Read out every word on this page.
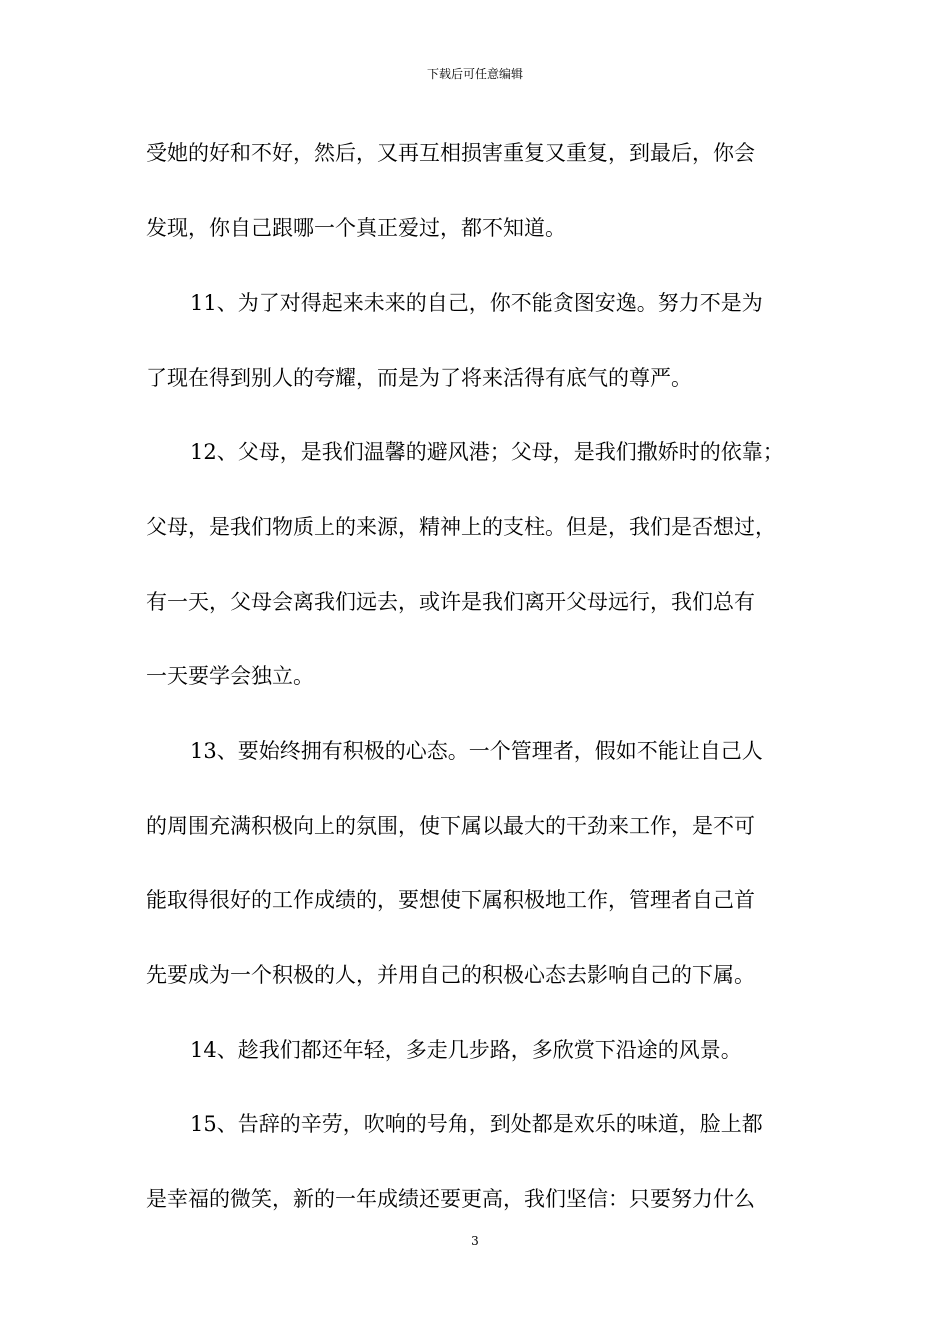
下载后可任意编辑
受她的好和不好，然后，又再互相损害重复又重复，到最后，你会
发现，你自己跟哪一个真正爱过，都不知道。
11、为了对得起来未来的自己，你不能贪图安逸。努力不是为
了现在得到别人的夸耀，而是为了将来活得有底气的尊严。
12、父母，是我们温馨的避风港；父母，是我们撒娇时的依靠；
父母，是我们物质上的来源，精神上的支柱。但是，我们是否想过，
有一天，父母会离我们远去，或许是我们离开父母远行，我们总有
一天要学会独立。
13、要始终拥有积极的心态。一个管理者，假如不能让自己人
的周围充满积极向上的氛围，使下属以最大的干劲来工作，是不可
能取得很好的工作成绩的，要想使下属积极地工作，管理者自己首
先要成为一个积极的人，并用自己的积极心态去影响自己的下属。
14、趁我们都还年轻，多走几步路，多欣赏下沿途的风景。
15、告辞的辛劳，吹响的号角，到处都是欢乐的味道，脸上都
是幸福的微笑，新的一年成绩还要更高，我们坚信：只要努力什么
3
